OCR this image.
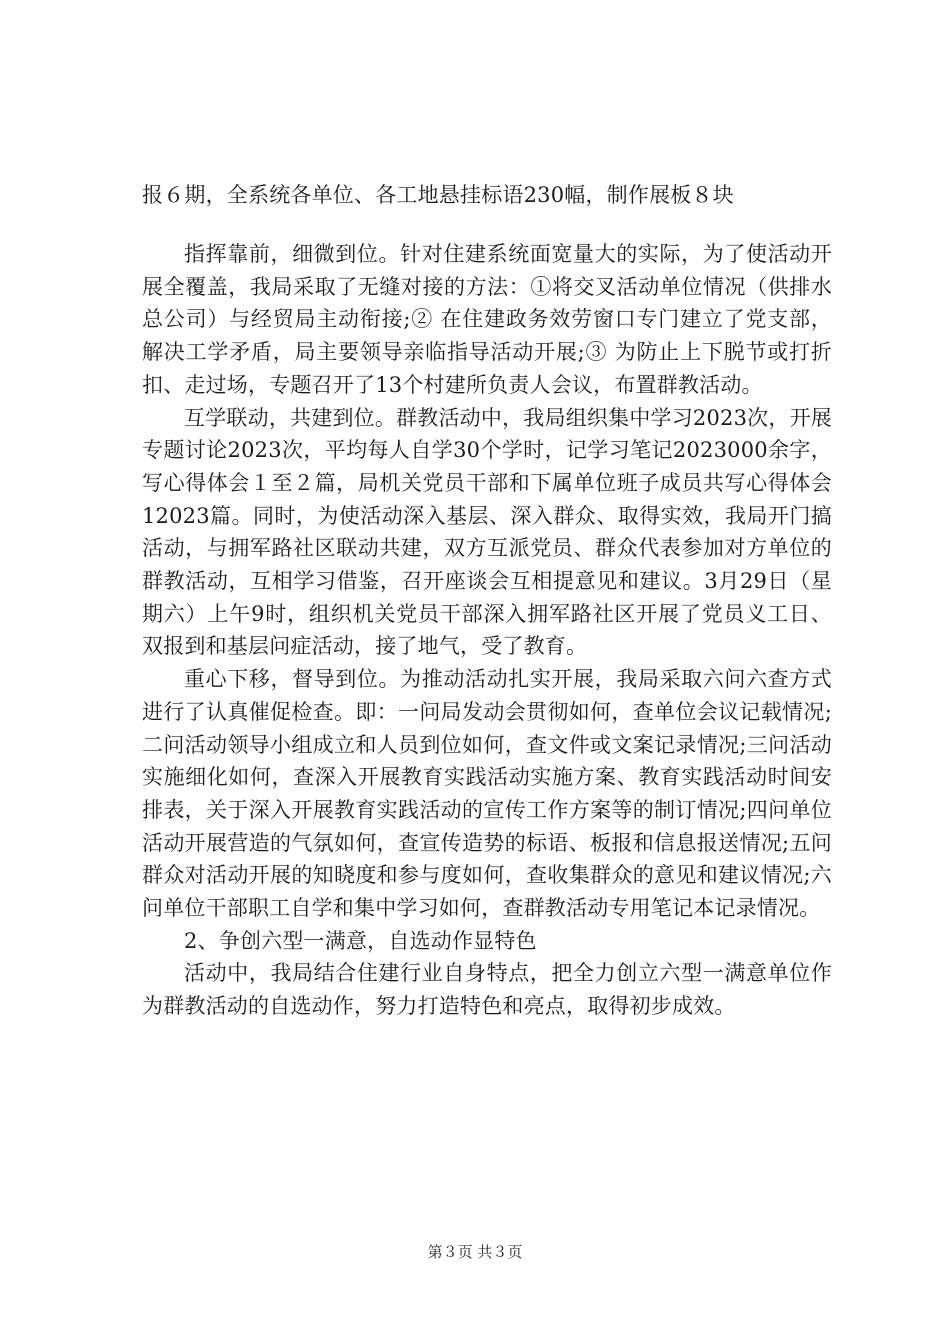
报６期，全系统各单位、各工地悬挂标语230幅，制作展板８块

指挥靠前，细微到位。针对住建系统面宽量大的实际，为了使活动开展全覆盖，我局采取了无缝对接的方法：①将交叉活动单位情况（供排水总公司）与经贸局主动衔接;② 在住建政务效劳窗口专门建立了党支部，解决工学矛盾，局主要领导亲临指导活动开展;③ 为防止上下脱节或打折扣、走过场，专题召开了13个村建所负责人会议，布置群教活动。

互学联动，共建到位。群教活动中，我局组织集中学习2023次，开展专题讨论2023次，平均每人自学30个学时，记学习笔记2023000余字，写心得体会１至２篇，局机关党员干部和下属单位班子成员共写心得体会12023篇。同时，为使活动深入基层、深入群众、取得实效，我局开门搞活动，与拥军路社区联动共建，双方互派党员、群众代表参加对方单位的群教活动，互相学习借鉴，召开座谈会互相提意见和建议。3月29日（星期六）上午9时，组织机关党员干部深入拥军路社区开展了党员义工日、双报到和基层问症活动，接了地气，受了教育。

重心下移，督导到位。为推动活动扎实开展，我局采取六问六查方式进行了认真催促检查。即：一问局发动会贯彻如何，查单位会议记载情况;二问活动领导小组成立和人员到位如何，查文件或文案记录情况;三问活动实施细化如何，查深入开展教育实践活动实施方案、教育实践活动时间安排表，关于深入开展教育实践活动的宣传工作方案等的制订情况;四问单位活动开展营造的气氛如何，查宣传造势的标语、板报和信息报送情况;五问群众对活动开展的知晓度和参与度如何，查收集群众的意见和建议情况;六问单位干部职工自学和集中学习如何，查群教活动专用笔记本记录情况。

2、争创六型一满意，自选动作显特色

活动中，我局结合住建行业自身特点，把全力创立六型一满意单位作为群教活动的自选动作，努力打造特色和亮点，取得初步成效。

第３页 共３页
